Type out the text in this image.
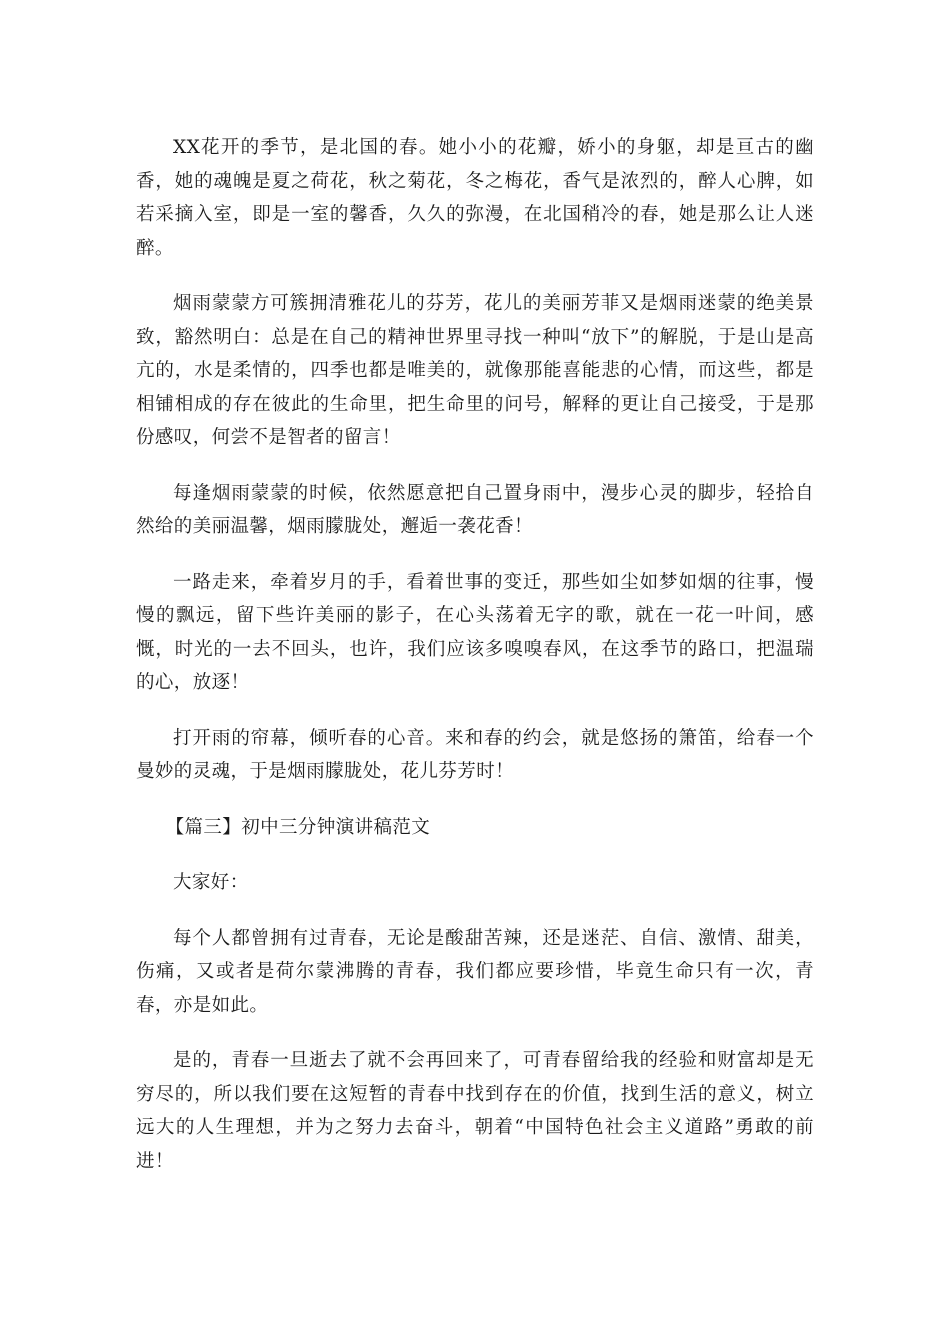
XX花开的季节，是北国的春。她小小的花瓣，娇小的身躯，却是亘古的幽香，她的魂魄是夏之荷花，秋之菊花，冬之梅花，香气是浓烈的，醉人心脾，如若采摘入室，即是一室的馨香，久久的弥漫，在北国稍冷的春，她是那么让人迷醉。

烟雨蒙蒙方可簇拥清雅花儿的芬芳，花儿的美丽芳菲又是烟雨迷蒙的绝美景致，豁然明白：总是在自己的精神世界里寻找一种叫“放下”的解脱，于是山是高亢的，水是柔情的，四季也都是唯美的，就像那能喜能悲的心情，而这些，都是相铺相成的存在彼此的生命里，把生命里的问号，解释的更让自己接受，于是那份感叹，何尝不是智者的留言！

每逢烟雨蒙蒙的时候，依然愿意把自己置身雨中，漫步心灵的脚步，轻拾自然给的美丽温馨，烟雨朦胧处，邂逅一袭花香！

一路走来，牵着岁月的手，看着世事的变迁，那些如尘如梦如烟的往事，慢慢的飘远，留下些许美丽的影子，在心头荡着无字的歌，就在一花一叶间，感慨，时光的一去不回头，也许，我们应该多嗅嗅春风，在这季节的路口，把温瑞的心，放逐！

打开雨的帘幕，倾听春的心音。来和春的约会，就是悠扬的箫笛，给春一个曼妙的灵魂，于是烟雨朦胧处，花儿芬芳时！

【篇三】初中三分钟演讲稿范文

大家好：

每个人都曾拥有过青春，无论是酸甜苦辣，还是迷茫、自信、激情、甜美，伤痛，又或者是荷尔蒙沸腾的青春，我们都应要珍惜，毕竟生命只有一次，青春，亦是如此。

是的，青春一旦逝去了就不会再回来了，可青春留给我的经验和财富却是无穷尽的，所以我们要在这短暂的青春中找到存在的价值，找到生活的意义，树立远大的人生理想，并为之努力去奋斗，朝着“中国特色社会主义道路”勇敢的前进！
